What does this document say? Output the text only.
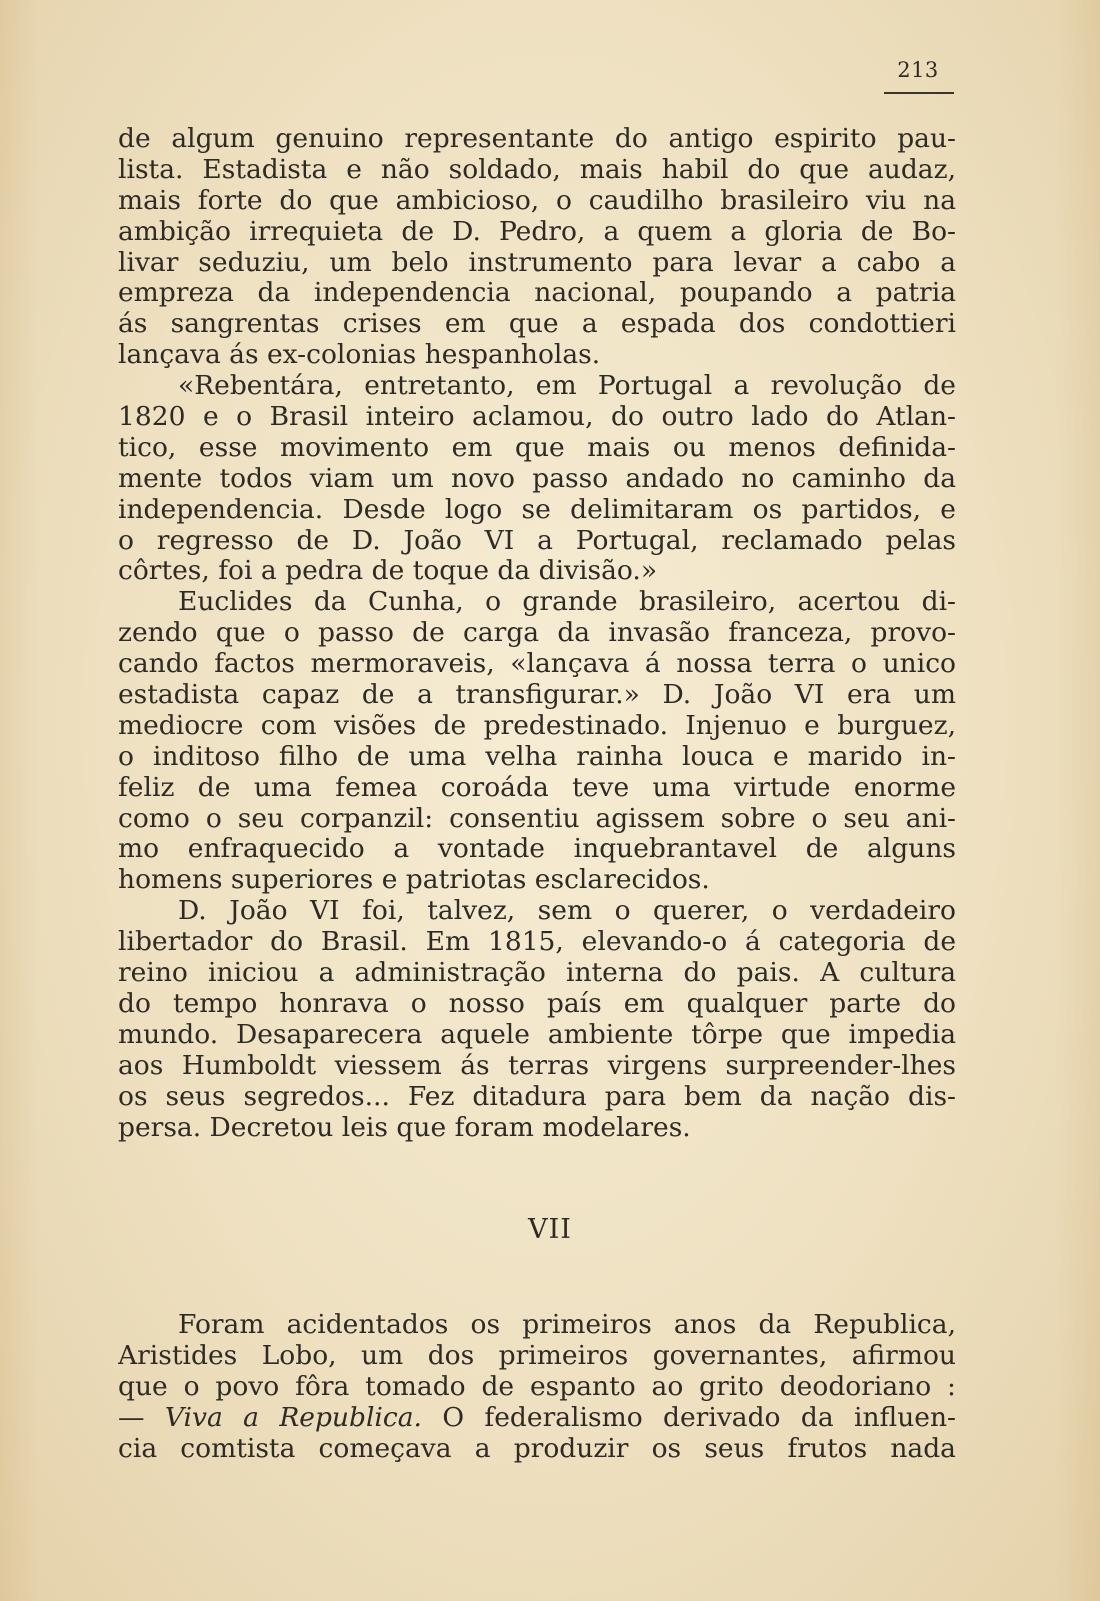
213
de algum genuino representante do antigo espirito pau-
lista. Estadista e não soldado, mais habil do que audaz,
mais forte do que ambicioso, o caudilho brasileiro viu na
ambição irrequieta de D. Pedro, a quem a gloria de Bo-
livar seduziu, um belo instrumento para levar a cabo a
empreza da independencia nacional, poupando a patria
ás sangrentas crises em que a espada dos condottieri
lançava ás ex-colonias hespanholas.
«Rebentára, entretanto, em Portugal a revolução de
1820 e o Brasil inteiro aclamou, do outro lado do Atlan-
tico, esse movimento em que mais ou menos definida-
mente todos viam um novo passo andado no caminho da
independencia. Desde logo se delimitaram os partidos, e
o regresso de D. João VI a Portugal, reclamado pelas
côrtes, foi a pedra de toque da divisão.»
Euclides da Cunha, o grande brasileiro, acertou di-
zendo que o passo de carga da invasão franceza, provo-
cando factos mermoraveis, «lançava á nossa terra o unico
estadista capaz de a transfigurar.» D. João VI era um
mediocre com visões de predestinado. Injenuo e burguez,
o inditoso filho de uma velha rainha louca e marido in-
feliz de uma femea coroáda teve uma virtude enorme
como o seu corpanzil: consentiu agissem sobre o seu ani-
mo enfraquecido a vontade inquebrantavel de alguns
homens superiores e patriotas esclarecidos.
D. João VI foi, talvez, sem o querer, o verdadeiro
libertador do Brasil. Em 1815, elevando-o á categoria de
reino iniciou a administração interna do pais. A cultura
do tempo honrava o nosso país em qualquer parte do
mundo. Desaparecera aquele ambiente tôrpe que impedia
aos Humboldt viessem ás terras virgens surpreender-lhes
os seus segredos... Fez ditadura para bem da nação dis-
persa. Decretou leis que foram modelares.
VII
Foram acidentados os primeiros anos da Republica,
Aristides Lobo, um dos primeiros governantes, afirmou
que o povo fôra tomado de espanto ao grito deodoriano :
— Viva a Republica. O federalismo derivado da influen-
cia comtista começava a produzir os seus frutos nada
